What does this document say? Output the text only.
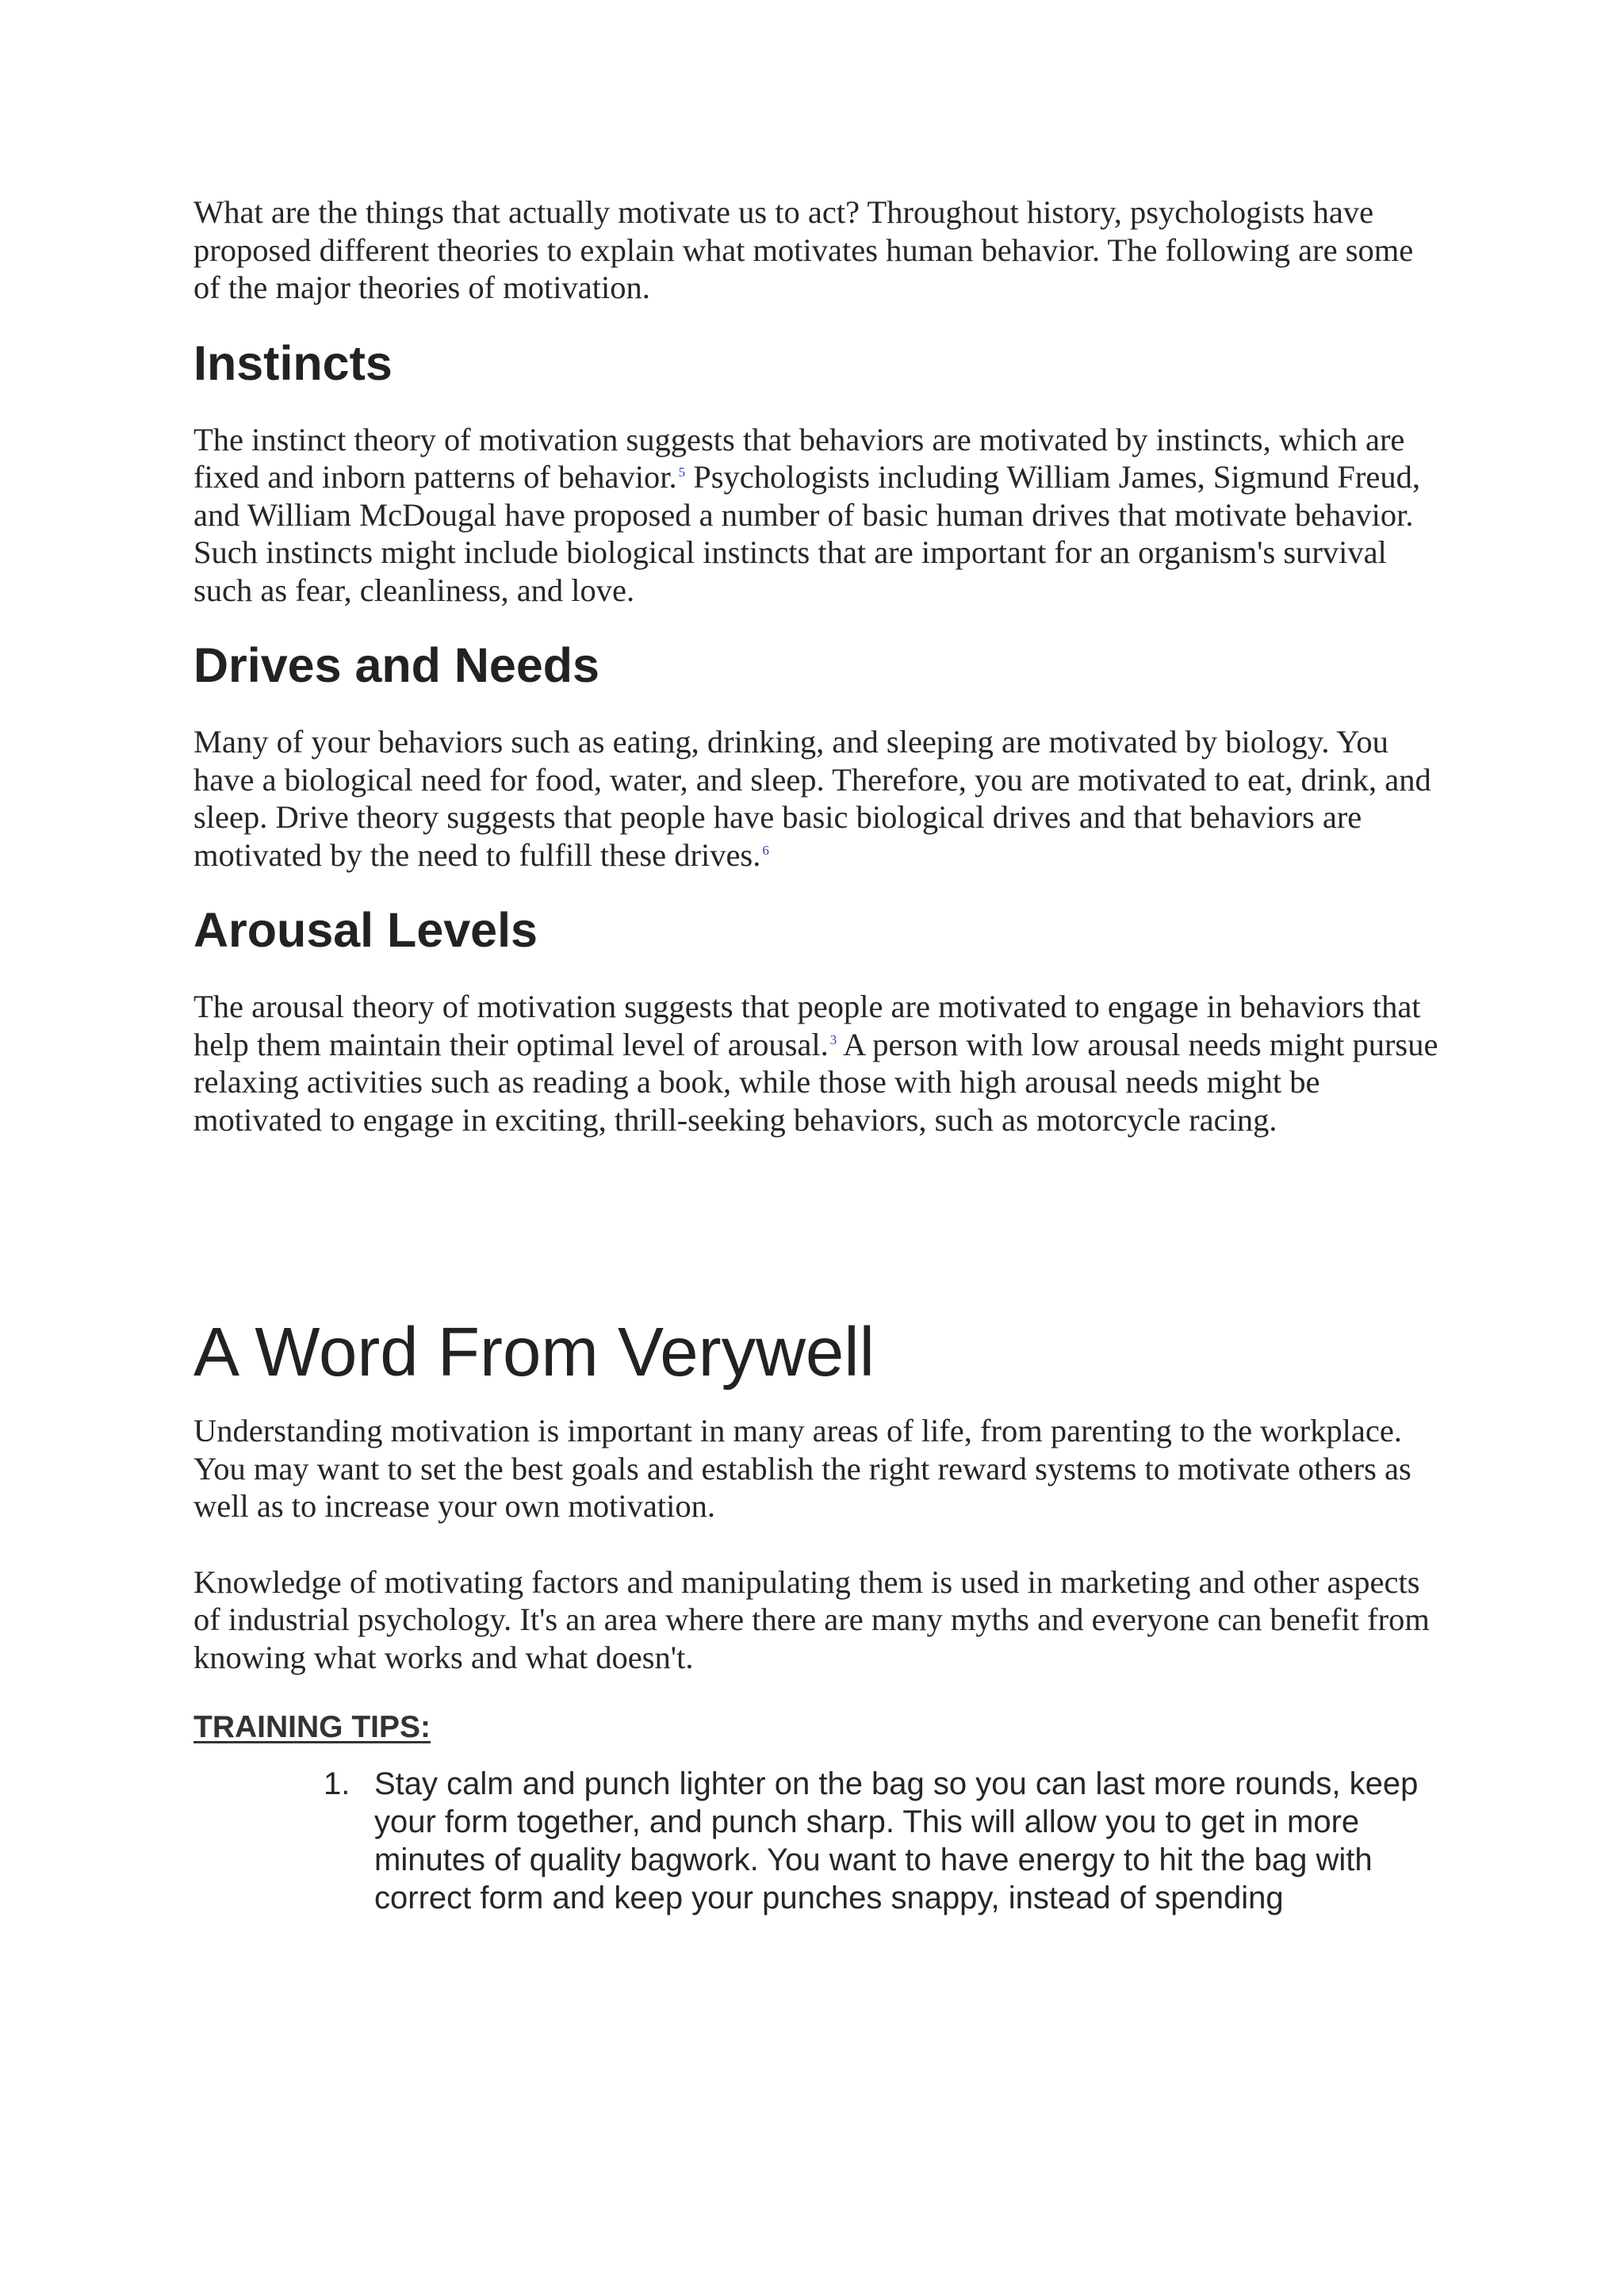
What are the things that actually motivate us to act? Throughout history, psychologists have proposed different theories to explain what motivates human behavior. The following are some of the major theories of motivation.

Instincts

The instinct theory of motivation suggests that behaviors are motivated by instincts, which are fixed and inborn patterns of behavior. $^5$ Psychologists including William James, Sigmund Freud, and William McDougal have proposed a number of basic human drives that motivate behavior. Such instincts might include biological instincts that are important for an organism's survival such as fear, cleanliness, and love.

Drives and Needs

Many of your behaviors such as eating, drinking, and sleeping are motivated by biology. You have a biological need for food, water, and sleep. Therefore, you are motivated to eat, drink, and sleep. Drive theory suggests that people have basic biological drives and that behaviors are motivated by the need to fulfill these drives. $^6$

Arousal Levels

The arousal theory of motivation suggests that people are motivated to engage in behaviors that help them maintain their optimal level of arousal. $^3$ A person with low arousal needs might pursue relaxing activities such as reading a book, while those with high arousal needs might be motivated to engage in exciting, thrill-seeking behaviors, such as motorcycle racing.

A Word From Verywell

Understanding motivation is important in many areas of life, from parenting to the workplace. You may want to set the best goals and establish the right reward systems to motivate others as well as to increase your own motivation.

Knowledge of motivating factors and manipulating them is used in marketing and other aspects of industrial psychology. It's an area where there are many myths and everyone can benefit from knowing what works and what doesn't.

TRAINING TIPS:

1. Stay calm and punch lighter on the bag so you can last more rounds, keep your form together, and punch sharp. This will allow you to get in more minutes of quality bagwork. You want to have energy to hit the bag with correct form and keep your punches snappy, instead of spending
